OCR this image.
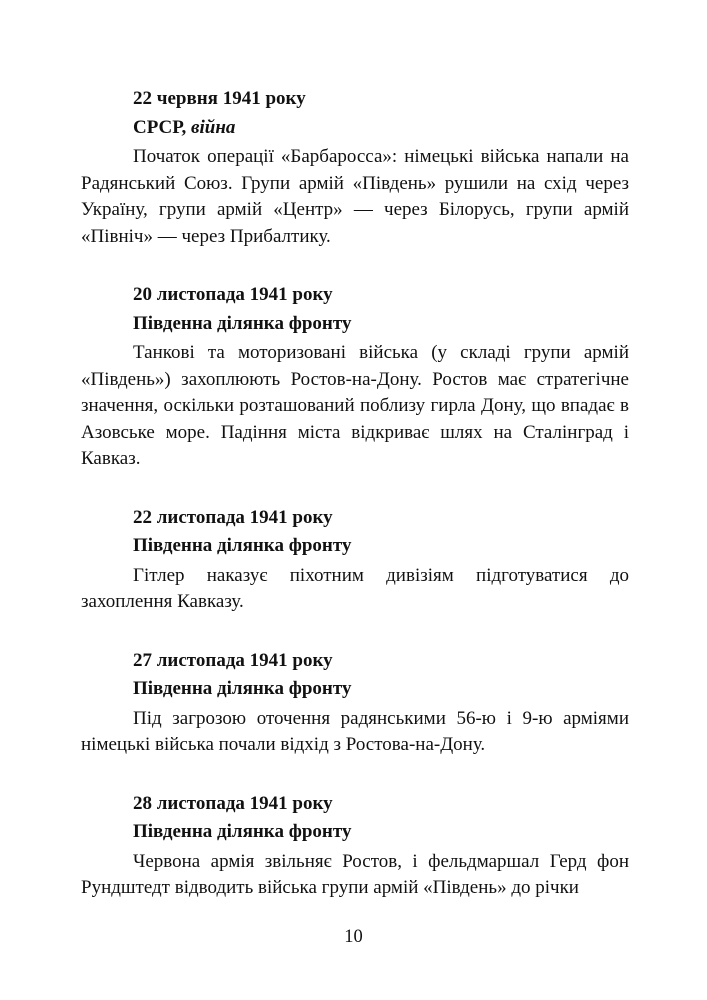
22 червня 1941 року

СРСР, війна

Початок операції «Барбаросса»: німецькі війська напали на Радянський Союз. Групи армій «Південь» рушили на схід через Україну, групи армій «Центр» — через Білорусь, групи армій «Північ» — через Прибалтику.

20 листопада 1941 року

Південна ділянка фронту

Танкові та моторизовані війська (у складі групи армій «Південь») захоплюють Ростов-на-Дону. Ростов має стратегічне значення, оскільки розташований поблизу гирла Дону, що впадає в Азовське море. Падіння міста відкриває шлях на Сталінград і Кавказ.

22 листопада 1941 року

Південна ділянка фронту

Гітлер наказує піхотним дивізіям підготуватися до захоплення Кавказу.

27 листопада 1941 року

Південна ділянка фронту

Під загрозою оточення радянськими 56-ю і 9-ю арміями німецькі війська почали відхід з Ростова-на-Дону.

28 листопада 1941 року

Південна ділянка фронту

Червона армія звільняє Ростов, і фельдмаршал Герд фон Рундштедт відводить війська групи армій «Південь» до річки

10
